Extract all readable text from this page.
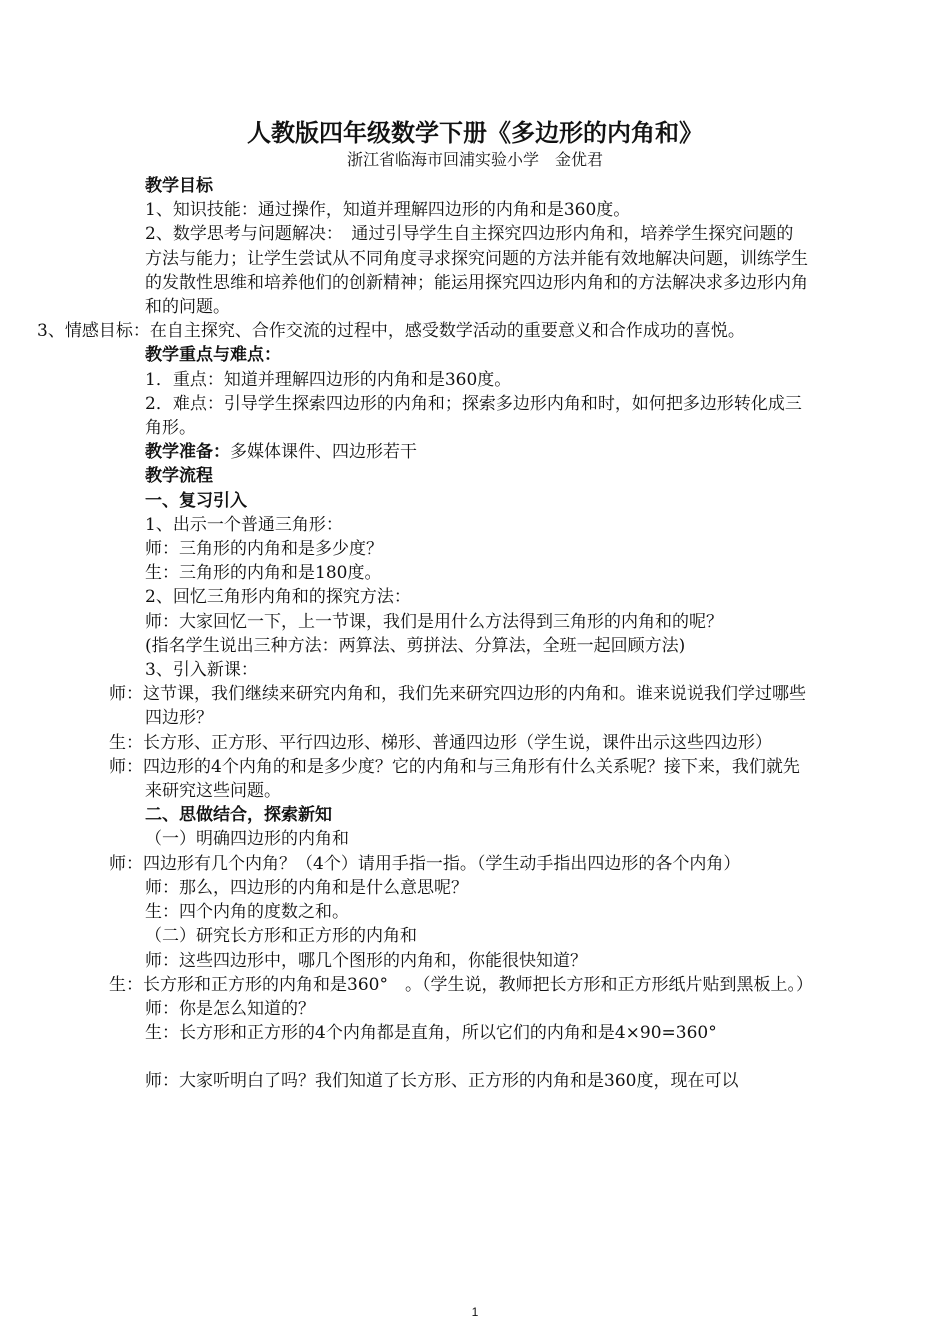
人教版四年级数学下册《多边形的内角和》
浙江省临海市回浦实验小学　金优君

教学目标

1、知识技能：通过操作，知道并理解四边形的内角和是360度。

2、数学思考与问题解决：　通过引导学生自主探究四边形内角和，培养学生探究问题的方法与能力；让学生尝试从不同角度寻求探究问题的方法并能有效地解决问题，训练学生的发散性思维和培养他们的创新精神；能运用探究四边形内角和的方法解决求多边形内角和的问题。

3、情感目标：在自主探究、合作交流的过程中，感受数学活动的重要意义和合作成功的喜悦。

教学重点与难点：

1．重点：知道并理解四边形的内角和是360度。

2．难点：引导学生探索四边形的内角和；探索多边形内角和时，如何把多边形转化成三角形。

教学准备：多媒体课件、四边形若干

教学流程

一、复习引入

1、出示一个普通三角形：

师：三角形的内角和是多少度？

生：三角形的内角和是180度。

2、回忆三角形内角和的探究方法：

师：大家回忆一下，上一节课，我们是用什么方法得到三角形的内角和的呢？

(指名学生说出三种方法：两算法、剪拼法、分算法，全班一起回顾方法)

3、引入新课：

师：这节课，我们继续来研究内角和，我们先来研究四边形的内角和。谁来说说我们学过哪些四边形？

生：长方形、正方形、平行四边形、梯形、普通四边形（学生说，课件出示这些四边形）

师：四边形的4个内角的和是多少度？它的内角和与三角形有什么关系呢？接下来，我们就先来研究这些问题。

二、思做结合，探索新知

（一）明确四边形的内角和

师：四边形有几个内角？（4个）请用手指一指。（学生动手指出四边形的各个内角）

师：那么，四边形的内角和是什么意思呢？

生：四个内角的度数之和。

（二）研究长方形和正方形的内角和

师：这些四边形中，哪几个图形的内角和，你能很快知道？

生：长方形和正方形的内角和是360°　。（学生说，教师把长方形和正方形纸片贴到黑板上。）

师：你是怎么知道的？

生：长方形和正方形的4个内角都是直角，所以它们的内角和是4×90=360°

师：大家听明白了吗？我们知道了长方形、正方形的内角和是360度，现在可以

1
